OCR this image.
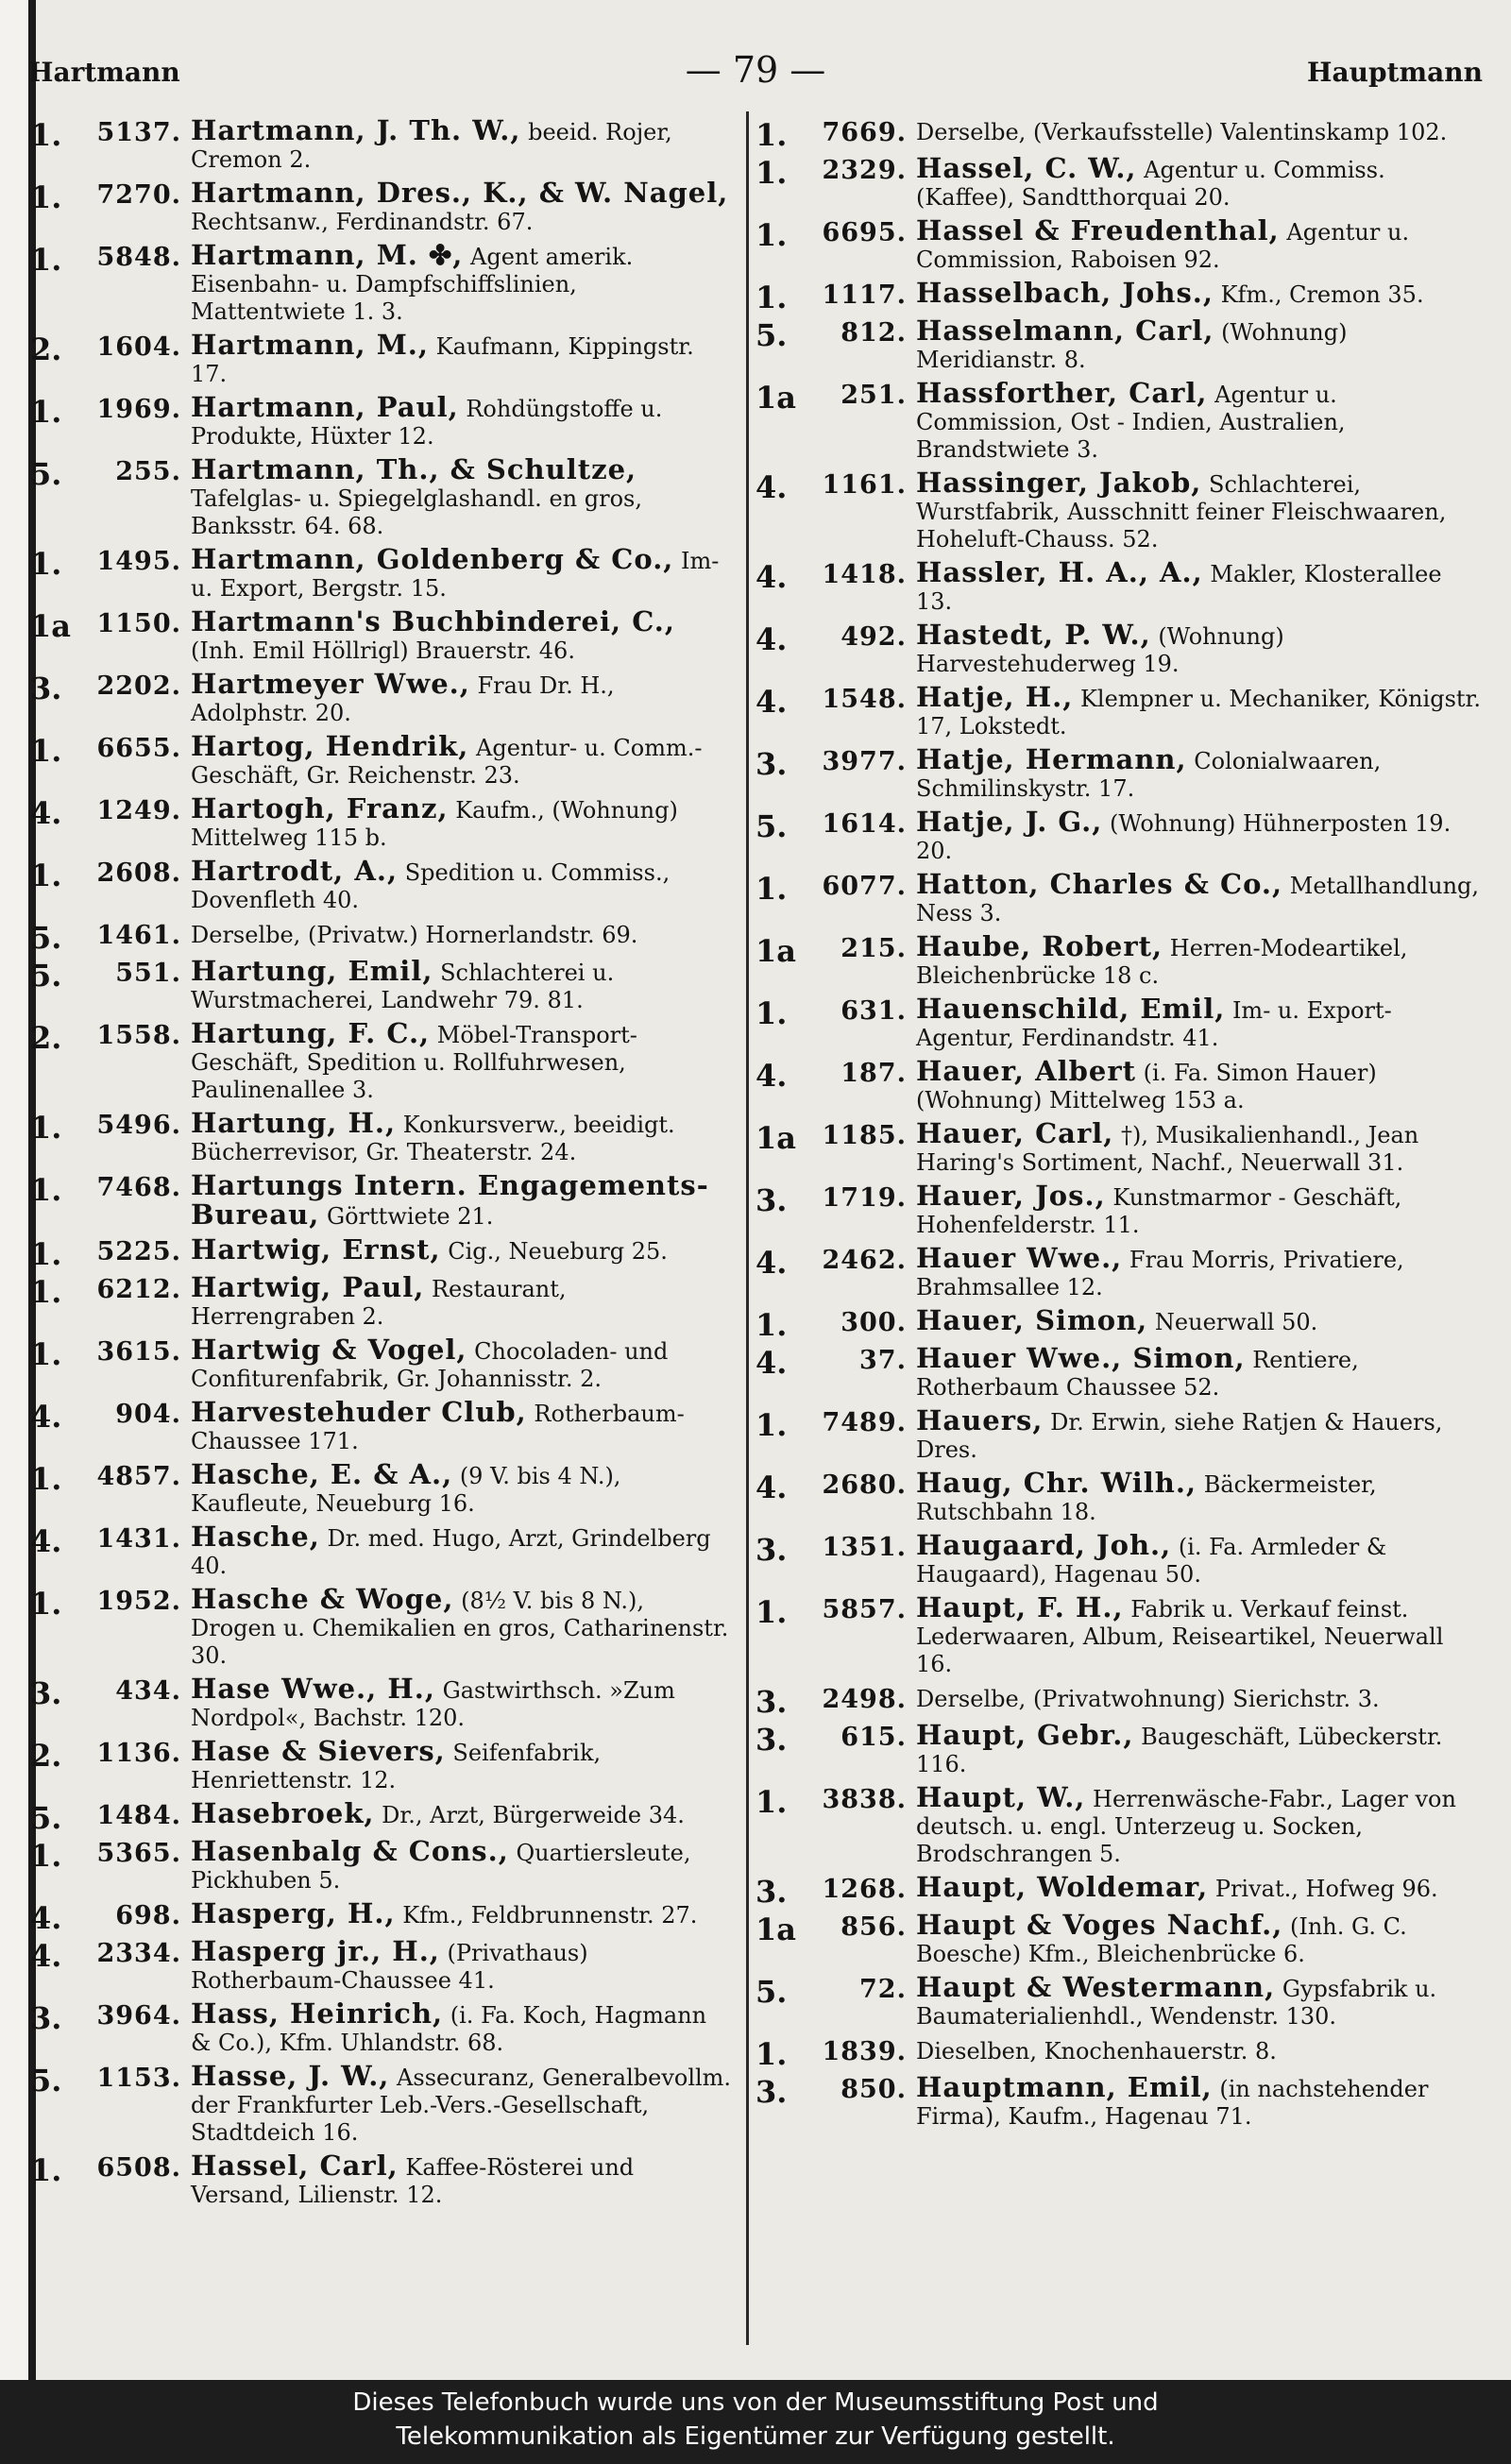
Hartmann	— 79 —	Hauptmann
1.	5137. Hartmann, J. Th. W., beeid. Rojer, Cremon 2.
1.	7270. Hartmann, Dres., K., & W. Nagel, Rechtsanw., Ferdinandstr. 67.
1.	5848. Hartmann, M. ✤, Agent amerik. Eisenbahn- u. Dampfschiffslinien, Mattentwiete 1. 3.
2.	1604. Hartmann, M., Kaufmann, Kippingstr. 17.
1.	1969. Hartmann, Paul, Rohdüngstoffe u. Produkte, Hüxter 12.
5.	255. Hartmann, Th., & Schultze, Tafelglas- u. Spiegelglashandl. en gros, Banksstr. 64. 68.
1.	1495. Hartmann, Goldenberg & Co., Im- u. Export, Bergstr. 15.
1a	1150. Hartmann's Buchbinderei, C., (Inh. Emil Höllrigl) Brauerstr. 46.
3.	2202. Hartmeyer Wwe., Frau Dr. H., Adolphstr. 20.
1.	6655. Hartog, Hendrik, Agentur- u. Comm.-Geschäft, Gr. Reichenstr. 23.
4.	1249. Hartogh, Franz, Kaufm., (Wohnung) Mittelweg 115 b.
1.	2608. Hartrodt, A., Spedition u. Commiss., Dovenfleth 40.
5.	1461. Derselbe, (Privatw.) Hornerlandstr. 69.
5.	551. Hartung, Emil, Schlachterei u. Wurstmacherei, Landwehr 79. 81.
2.	1558. Hartung, F. C., Möbel-Transport-Geschäft, Spedition u. Rollfuhrwesen, Paulinenallee 3.
1.	5496. Hartung, H., Konkursverw., beeidigt. Bücherrevisor, Gr. Theaterstr. 24.
1.	7468. Hartungs Intern. Engagements-Bureau, Görttwiete 21.
1.	5225. Hartwig, Ernst, Cig., Neueburg 25.
1.	6212. Hartwig, Paul, Restaurant, Herrengraben 2.
1.	3615. Hartwig & Vogel, Chocoladen- und Confiturenfabrik, Gr. Johannisstr. 2.
4.	904. Harvestehuder Club, Rotherbaum-Chaussee 171.
1.	4857. Hasche, E. & A., (9 V. bis 4 N.), Kaufleute, Neueburg 16.
4.	1431. Hasche, Dr. med. Hugo, Arzt, Grindelberg 40.
1.	1952. Hasche & Woge, (8½ V. bis 8 N.), Drogen u. Chemikalien en gros, Catharinenstr. 30.
3.	434. Hase Wwe., H., Gastwirthsch. »Zum Nordpol«, Bachstr. 120.
2.	1136. Hase & Sievers, Seifenfabrik, Henriettenstr. 12.
5.	1484. Hasebroek, Dr., Arzt, Bürgerweide 34.
1.	5365. Hasenbalg & Cons., Quartiersleute, Pickhuben 5.
4.	698. Hasperg, H., Kfm., Feldbrunnenstr. 27.
4.	2334. Hasperg jr., H., (Privathaus) Rotherbaum-Chaussee 41.
3.	3964. Hass, Heinrich, (i. Fa. Koch, Hagmann & Co.), Kfm. Uhlandstr. 68.
5.	1153. Hasse, J. W., Assecuranz, Generalbevollm. der Frankfurter Leb.-Vers.-Gesellschaft, Stadtdeich 16.
1.	6508. Hassel, Carl, Kaffee-Rösterei und Versand, Lilienstr. 12.
1.	7669. Derselbe, (Verkaufsstelle) Valentinskamp 102.
1.	2329. Hassel, C. W., Agentur u. Commiss. (Kaffee), Sandtthorquai 20.
1.	6695. Hassel & Freudenthal, Agentur u. Commission, Raboisen 92.
1.	1117. Hasselbach, Johs., Kfm., Cremon 35.
5.	812. Hasselmann, Carl, (Wohnung) Meridianstr. 8.
1a	251. Hassforther, Carl, Agentur u. Commission, Ost - Indien, Australien, Brandstwiete 3.
4.	1161. Hassinger, Jakob, Schlachterei, Wurstfabrik, Ausschnitt feiner Fleischwaaren, Hoheluft-Chauss. 52.
4.	1418. Hassler, H. A., A., Makler, Klosterallee 13.
4.	492. Hastedt, P. W., (Wohnung) Harvestehuderweg 19.
4.	1548. Hatje, H., Klempner u. Mechaniker, Königstr. 17, Lokstedt.
3.	3977. Hatje, Hermann, Colonialwaaren, Schmilinskystr. 17.
5.	1614. Hatje, J. G., (Wohnung) Hühnerposten 19. 20.
1.	6077. Hatton, Charles & Co., Metallhandlung, Ness 3.
1a	215. Haube, Robert, Herren-Modeartikel, Bleichenbrücke 18 c.
1.	631. Hauenschild, Emil, Im- u. Export-Agentur, Ferdinandstr. 41.
4.	187. Hauer, Albert (i. Fa. Simon Hauer) (Wohnung) Mittelweg 153 a.
1a	1185. Hauer, Carl, †), Musikalienhandl., Jean Haring's Sortiment, Nachf., Neuerwall 31.
3.	1719. Hauer, Jos., Kunstmarmor - Geschäft, Hohenfelderstr. 11.
4.	2462. Hauer Wwe., Frau Morris, Privatiere, Brahmsallee 12.
1.	300. Hauer, Simon, Neuerwall 50.
4.	37. Hauer Wwe., Simon, Rentiere, Rotherbaum Chaussee 52.
1.	7489. Hauers, Dr. Erwin, siehe Ratjen & Hauers, Dres.
4.	2680. Haug, Chr. Wilh., Bäckermeister, Rutschbahn 18.
3.	1351. Haugaard, Joh., (i. Fa. Armleder & Haugaard), Hagenau 50.
1.	5857. Haupt, F. H., Fabrik u. Verkauf feinst. Lederwaaren, Album, Reiseartikel, Neuerwall 16.
3.	2498. Derselbe, (Privatwohnung) Sierichstr. 3.
3.	615. Haupt, Gebr., Baugeschäft, Lübeckerstr. 116.
1.	3838. Haupt, W., Herrenwäsche-Fabr., Lager von deutsch. u. engl. Unterzeug u. Socken, Brodschrangen 5.
3.	1268. Haupt, Woldemar, Privat., Hofweg 96.
1a	856. Haupt & Voges Nachf., (Inh. G. C. Boesche) Kfm., Bleichenbrücke 6.
5.	72. Haupt & Westermann, Gypsfabrik u. Baumaterialienhdl., Wendenstr. 130.
1.	1839. Dieselben, Knochenhauerstr. 8.
3.	850. Hauptmann, Emil, (in nachstehender Firma), Kaufm., Hagenau 71.
Dieses Telefonbuch wurde uns von der Museumsstiftung Post und
Telekommunikation als Eigentümer zur Verfügung gestellt.
